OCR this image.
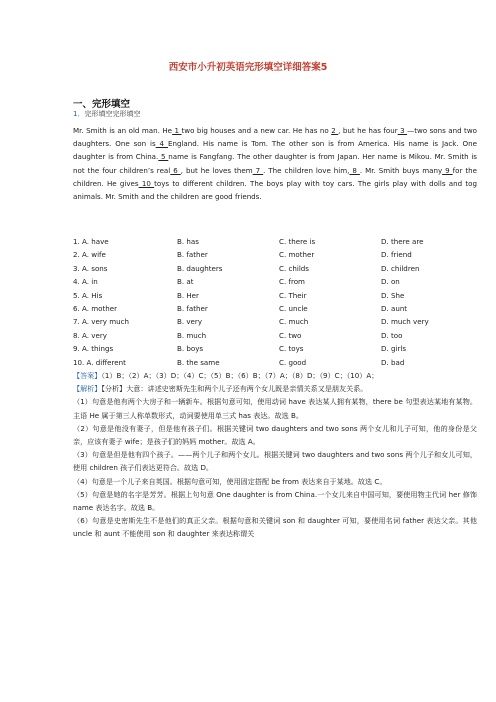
西安市小升初英语完形填空详细答案5
一、完形填空
1．完形填空完形填空
Mr. Smith is an old man. He 1 two big houses and a new car. He has no 2 , but he has four 3 —two sons and two daughters. One son is 4 England. His name is Tom. The other son is from America. His name is Jack. One daughter is from China. 5 name is Fangfang. The other daughter is from Japan. Her name is Mikou. Mr. Smith is not the four children’s real 6 , but he loves them 7 . The children love him, 8 . Mr. Smith buys many 9 for the children. He gives 10 toys to different children. The boys play with toy cars. The girls play with dolls and tog animals. Mr. Smith and the children are good friends.
1. A. have	B. has	C. there is	D. there are
2. A. wife	B. father	C. mother	D. friend
3. A. sons	B. daughters	C. childs	D. children
4. A. in	B. at	C. from	D. on
5. A. His	B. Her	C. Their	D. She
6. A. mother	B. father	C. uncle	D. aunt
7. A. very much	B. very	C. much	D. much very
8. A. very	B. much	C. two	D. too
9. A. things	B. boys	C. toys	D. girls
10. A. different	B. the same	C. good	D. bad

【答案】（1）B；（2）A；（3）D；（4）C；（5）B；（6）B；（7）A；（8）D；（9）C；（10）A；

【解析】【分析】大意：讲述史密斯先生和两个儿子还有两个女儿既是亲情关系又是朋友关系。

（1）句意是他有两个大房子和一辆新车。根据句意可知，使用动词 have 表达某人拥有某物，there be 句型表达某地有某物。主语 He 属于第三人称单数形式，动词要使用单三式 has 表达。故选 B。

（2）句意是他没有妻子，但是他有孩子们。根据关键词 two daughters and two sons 两个女儿和儿子可知，他的身份是父亲，应该有妻子 wife；是孩子们的妈妈 mother。故选 A。

（3）句意是但是他有四个孩子。——两个儿子和两个女儿。根据关键词 two daughters and two sons 两个儿子和女儿可知，使用 children 孩子们表达更符合。故选 D。

（4）句意是一个儿子来自英国。根据句意可知，使用固定搭配 be from 表达来自于某地。故选 C。

（5）句意是她的名字是芳芳。根据上句句意 One daughter is from China.一个女儿来自中国可知，要使用物主代词 her 修饰 name 表达名字。故选 B。

（6）句意是史密斯先生不是他们的真正父亲。根据句意和关键词 son 和 daughter 可知，要使用名词 father 表达父亲。其他 uncle 和 aunt 不能使用 son 和 daughter 来表达称谓关
